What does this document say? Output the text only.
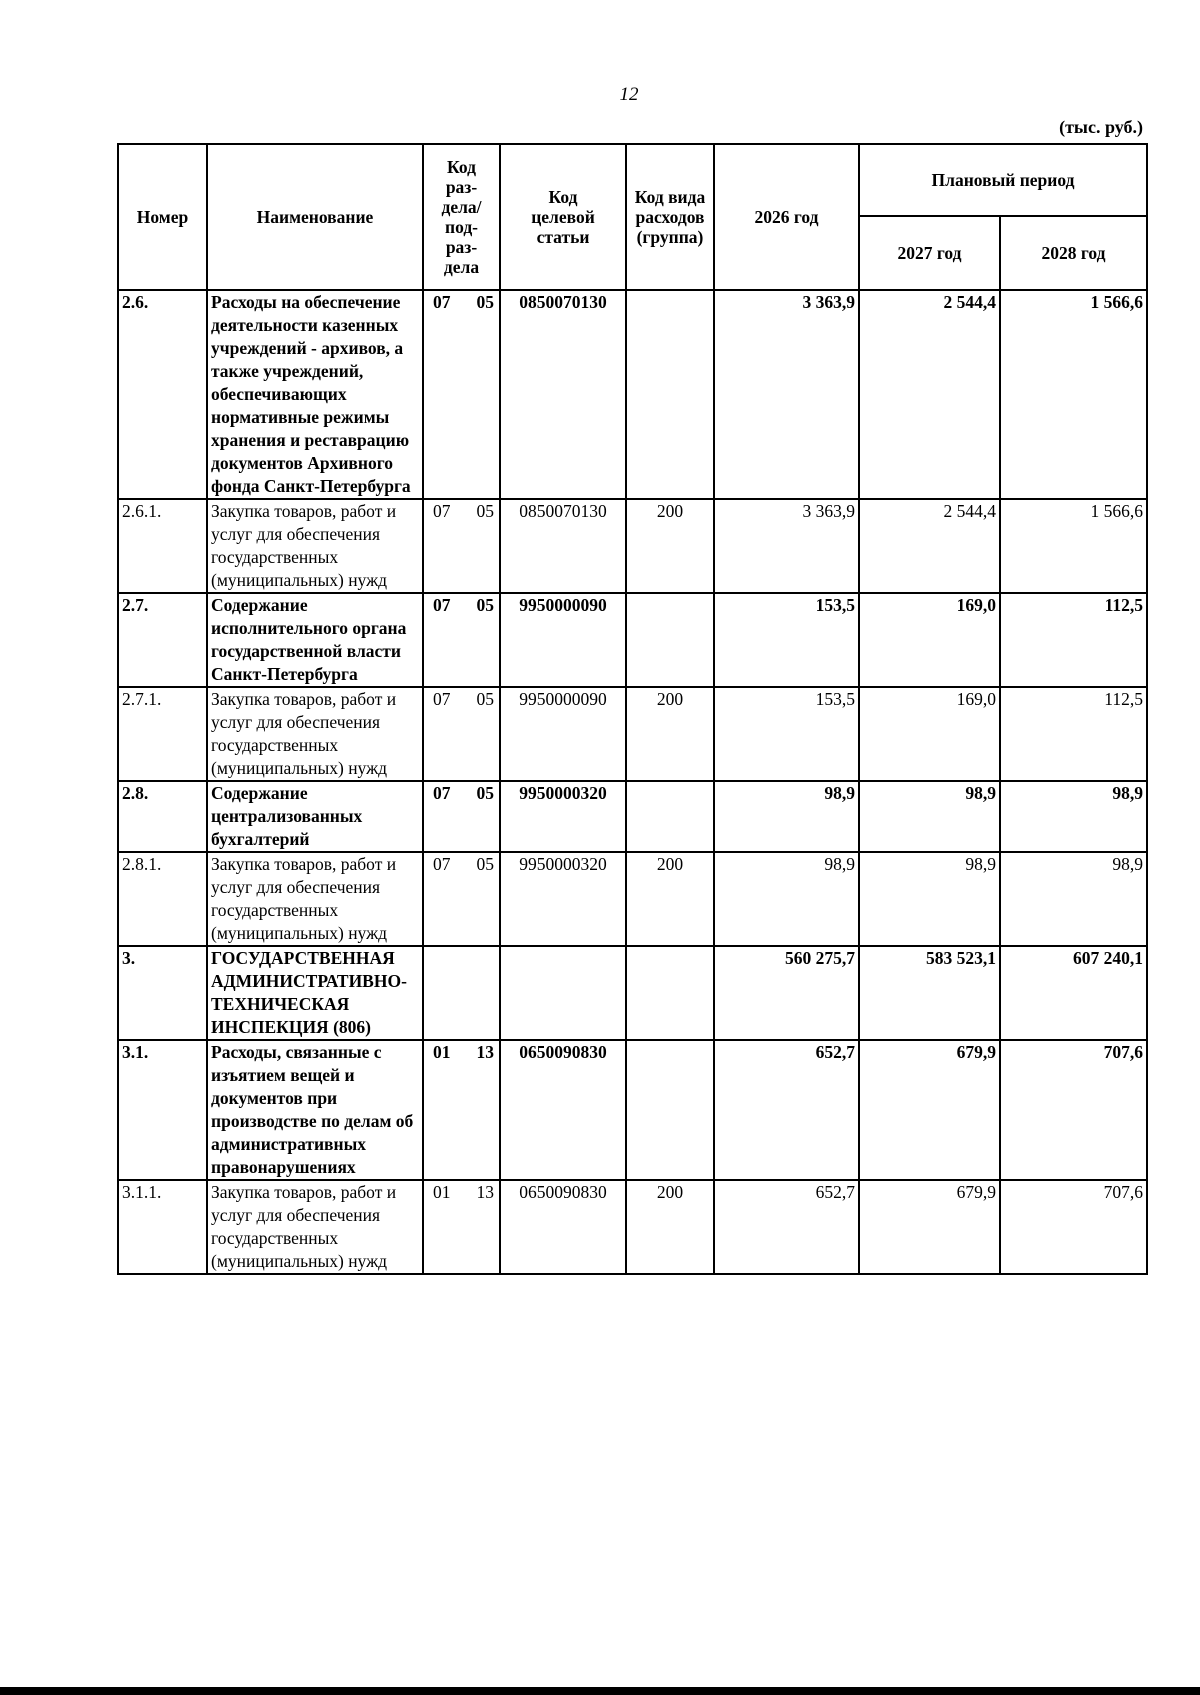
12
(тыс. руб.)
Номер	Наименование	Код раз-дела/ под-раз-дела	Код целевой статьи	Код вида расходов (группа)	2026 год	Плановый период	
						2027 год	2028 год
2.6.	Расходы на обеспечение деятельности казенных учреждений - архивов, а также учреждений, обеспечивающих нормативные режимы хранения и реставрацию документов Архивного фонда Санкт-Петербурга	07 05	0850070130		3 363,9	2 544,4	1 566,6
2.6.1.	Закупка товаров, работ и услуг для обеспечения государственных (муниципальных) нужд	07 05	0850070130	200	3 363,9	2 544,4	1 566,6
2.7.	Содержание исполнительного органа государственной власти Санкт-Петербурга	07 05	9950000090		153,5	169,0	112,5
2.7.1.	Закупка товаров, работ и услуг для обеспечения государственных (муниципальных) нужд	07 05	9950000090	200	153,5	169,0	112,5
2.8.	Содержание централизованных бухгалтерий	07 05	9950000320		98,9	98,9	98,9
2.8.1.	Закупка товаров, работ и услуг для обеспечения государственных (муниципальных) нужд	07 05	9950000320	200	98,9	98,9	98,9
3.	ГОСУДАРСТВЕННАЯ АДМИНИСТРАТИВНО-ТЕХНИЧЕСКАЯ ИНСПЕКЦИЯ (806)				560 275,7	583 523,1	607 240,1
3.1.	Расходы, связанные с изъятием вещей и документов при производстве по делам об административных правонарушениях	01 13	0650090830		652,7	679,9	707,6
3.1.1.	Закупка товаров, работ и услуг для обеспечения государственных (муниципальных) нужд	01 13	0650090830	200	652,7	679,9	707,6
